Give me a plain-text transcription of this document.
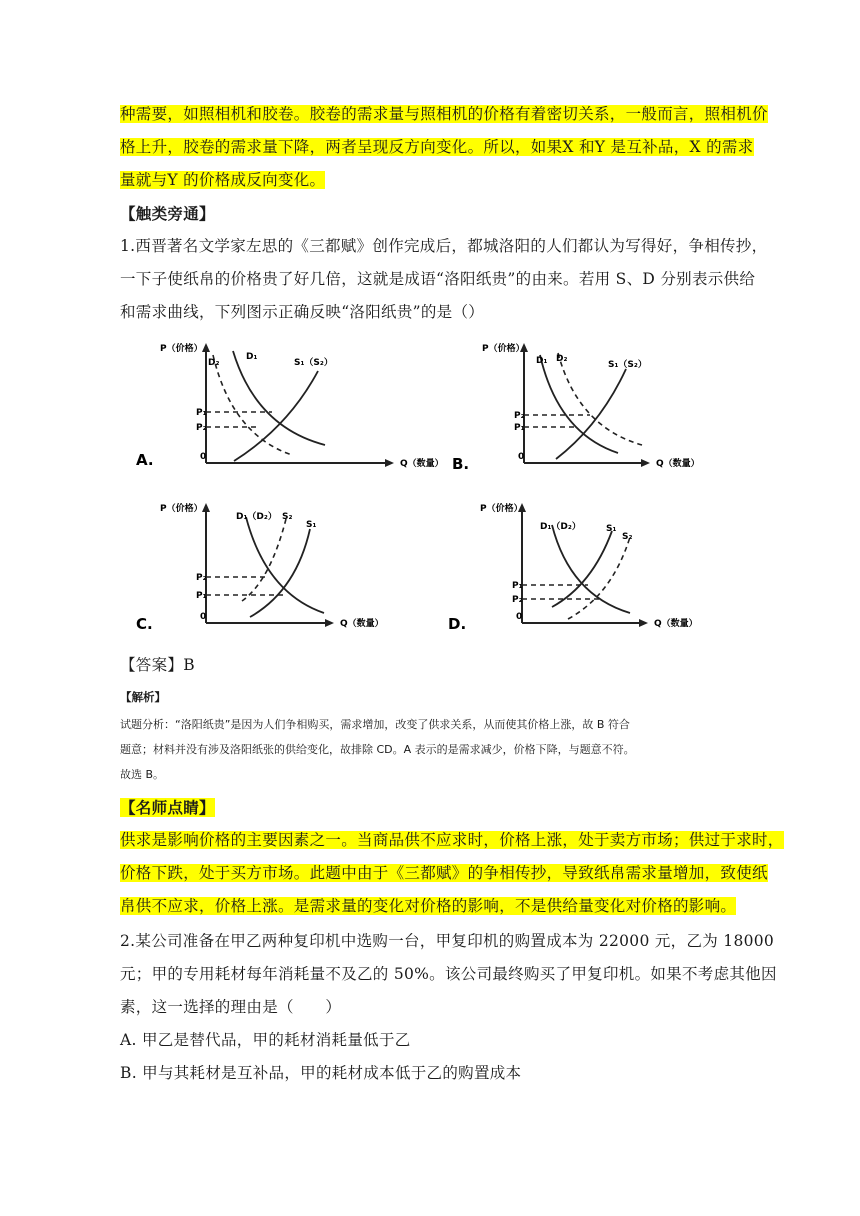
种需要，如照相机和胶卷。胶卷的需求量与照相机的价格有着密切关系，一般而言，照相机价
格上升，胶卷的需求量下降，两者呈现反方向变化。所以，如果X 和Y 是互补品，X 的需求
量就与Y 的价格成反向变化。
【触类旁通】
1.西晋著名文学家左思的《三都赋》创作完成后，都城洛阳的人们都认为写得好，争相传抄，
一下子使纸帛的价格贵了好几倍，这就是成语“洛阳纸贵”的由来。若用 S、D 分别表示供给
和需求曲线，下列图示正确反映“洛阳纸贵”的是（）
P（价格）
D₂
D₁
S₁（S₂）
P₁
P₂
0
Q（数量）
A.
P（价格）
D₁ D₂
S₁（S₂）
P₂
P₁
0
Q（数量）
B.
P（价格）
D₁（D₂） S₂
S₁
P₂
P₁
0
Q（数量）
C.
P（价格）
D₁（D₂）	S₁
S₂
P₁
P₂
0
Q（数量）
D.
【答案】B
【解析】
试题分析：“洛阳纸贵”是因为人们争相购买，需求增加，改变了供求关系，从而使其价格上涨，故 B 符合
题意；材料并没有涉及洛阳纸张的供给变化，故排除 CD。A 表示的是需求减少，价格下降，与题意不符。
故选 B。
【名师点睛】
供求是影响价格的主要因素之一。当商品供不应求时，价格上涨，处于卖方市场；供过于求时，
价格下跌，处于买方市场。此题中由于《三都赋》的争相传抄，导致纸帛需求量增加，致使纸
帛供不应求，价格上涨。是需求量的变化对价格的影响，不是供给量变化对价格的影响。
2.某公司准备在甲乙两种复印机中选购一台，甲复印机的购置成本为 22000 元，乙为 18000
元；甲的专用耗材每年消耗量不及乙的 50%。该公司最终购买了甲复印机。如果不考虑其他因
素，这一选择的理由是（　　）
A. 甲乙是替代品，甲的耗材消耗量低于乙
B. 甲与其耗材是互补品，甲的耗材成本低于乙的购置成本
